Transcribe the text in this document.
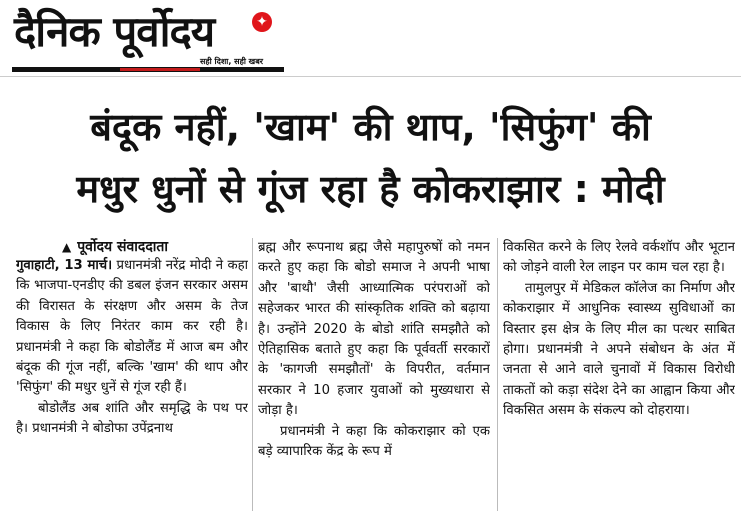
दैनिक पूर्वोदय	✦
सही दिशा, सही खबर
बंदूक नहीं, 'खाम' की थाप, 'सिफुंग' की
मधुर धुनों से गूंज रहा है कोकराझार : मोदी
▲ पूर्वोदय संवाददाता

गुवाहाटी, 13 मार्च। प्रधानमंत्री नरेंद्र मोदी ने कहा कि भाजपा-एनडीए की डबल इंजन सरकार असम की विरासत के संरक्षण और असम के तेज विकास के लिए निरंतर काम कर रही है। प्रधानमंत्री ने कहा कि बोडोलैंड में आज बम और बंदूक की गूंज नहीं, बल्कि 'खाम' की थाप और 'सिफुंग' की मधुर धुनें से गूंज रही हैं।

बोडोलैंड अब शांति और समृद्धि के पथ पर है। प्रधानमंत्री ने बोडोफा उपेंद्रनाथ

ब्रह्म और रूपनाथ ब्रह्म जैसे महापुरुषों को नमन करते हुए कहा कि बोडो समाज ने अपनी भाषा और 'बाथौ' जैसी आध्यात्मिक परंपराओं को सहेजकर भारत की सांस्कृतिक शक्ति को बढ़ाया है। उन्होंने 2020 के बोडो शांति समझौते को ऐतिहासिक बताते हुए कहा कि पूर्ववर्ती सरकारों के 'कागजी समझौतों' के विपरीत, वर्तमान सरकार ने 10 हजार युवाओं को मुख्यधारा से जोड़ा है।

प्रधानमंत्री ने कहा कि कोकराझार को एक बड़े व्यापारिक केंद्र के रूप में

विकसित करने के लिए रेलवे वर्कशॉप और भूटान को जोड़ने वाली रेल लाइन पर काम चल रहा है।

तामुलपुर में मेडिकल कॉलेज का निर्माण और कोकराझार में आधुनिक स्वास्थ्य सुविधाओं का विस्तार इस क्षेत्र के लिए मील का पत्थर साबित होगा। प्रधानमंत्री ने अपने संबोधन के अंत में जनता से आने वाले चुनावों में विकास विरोधी ताकतों को कड़ा संदेश देने का आह्वान किया और विकसित असम के संकल्प को दोहराया।
